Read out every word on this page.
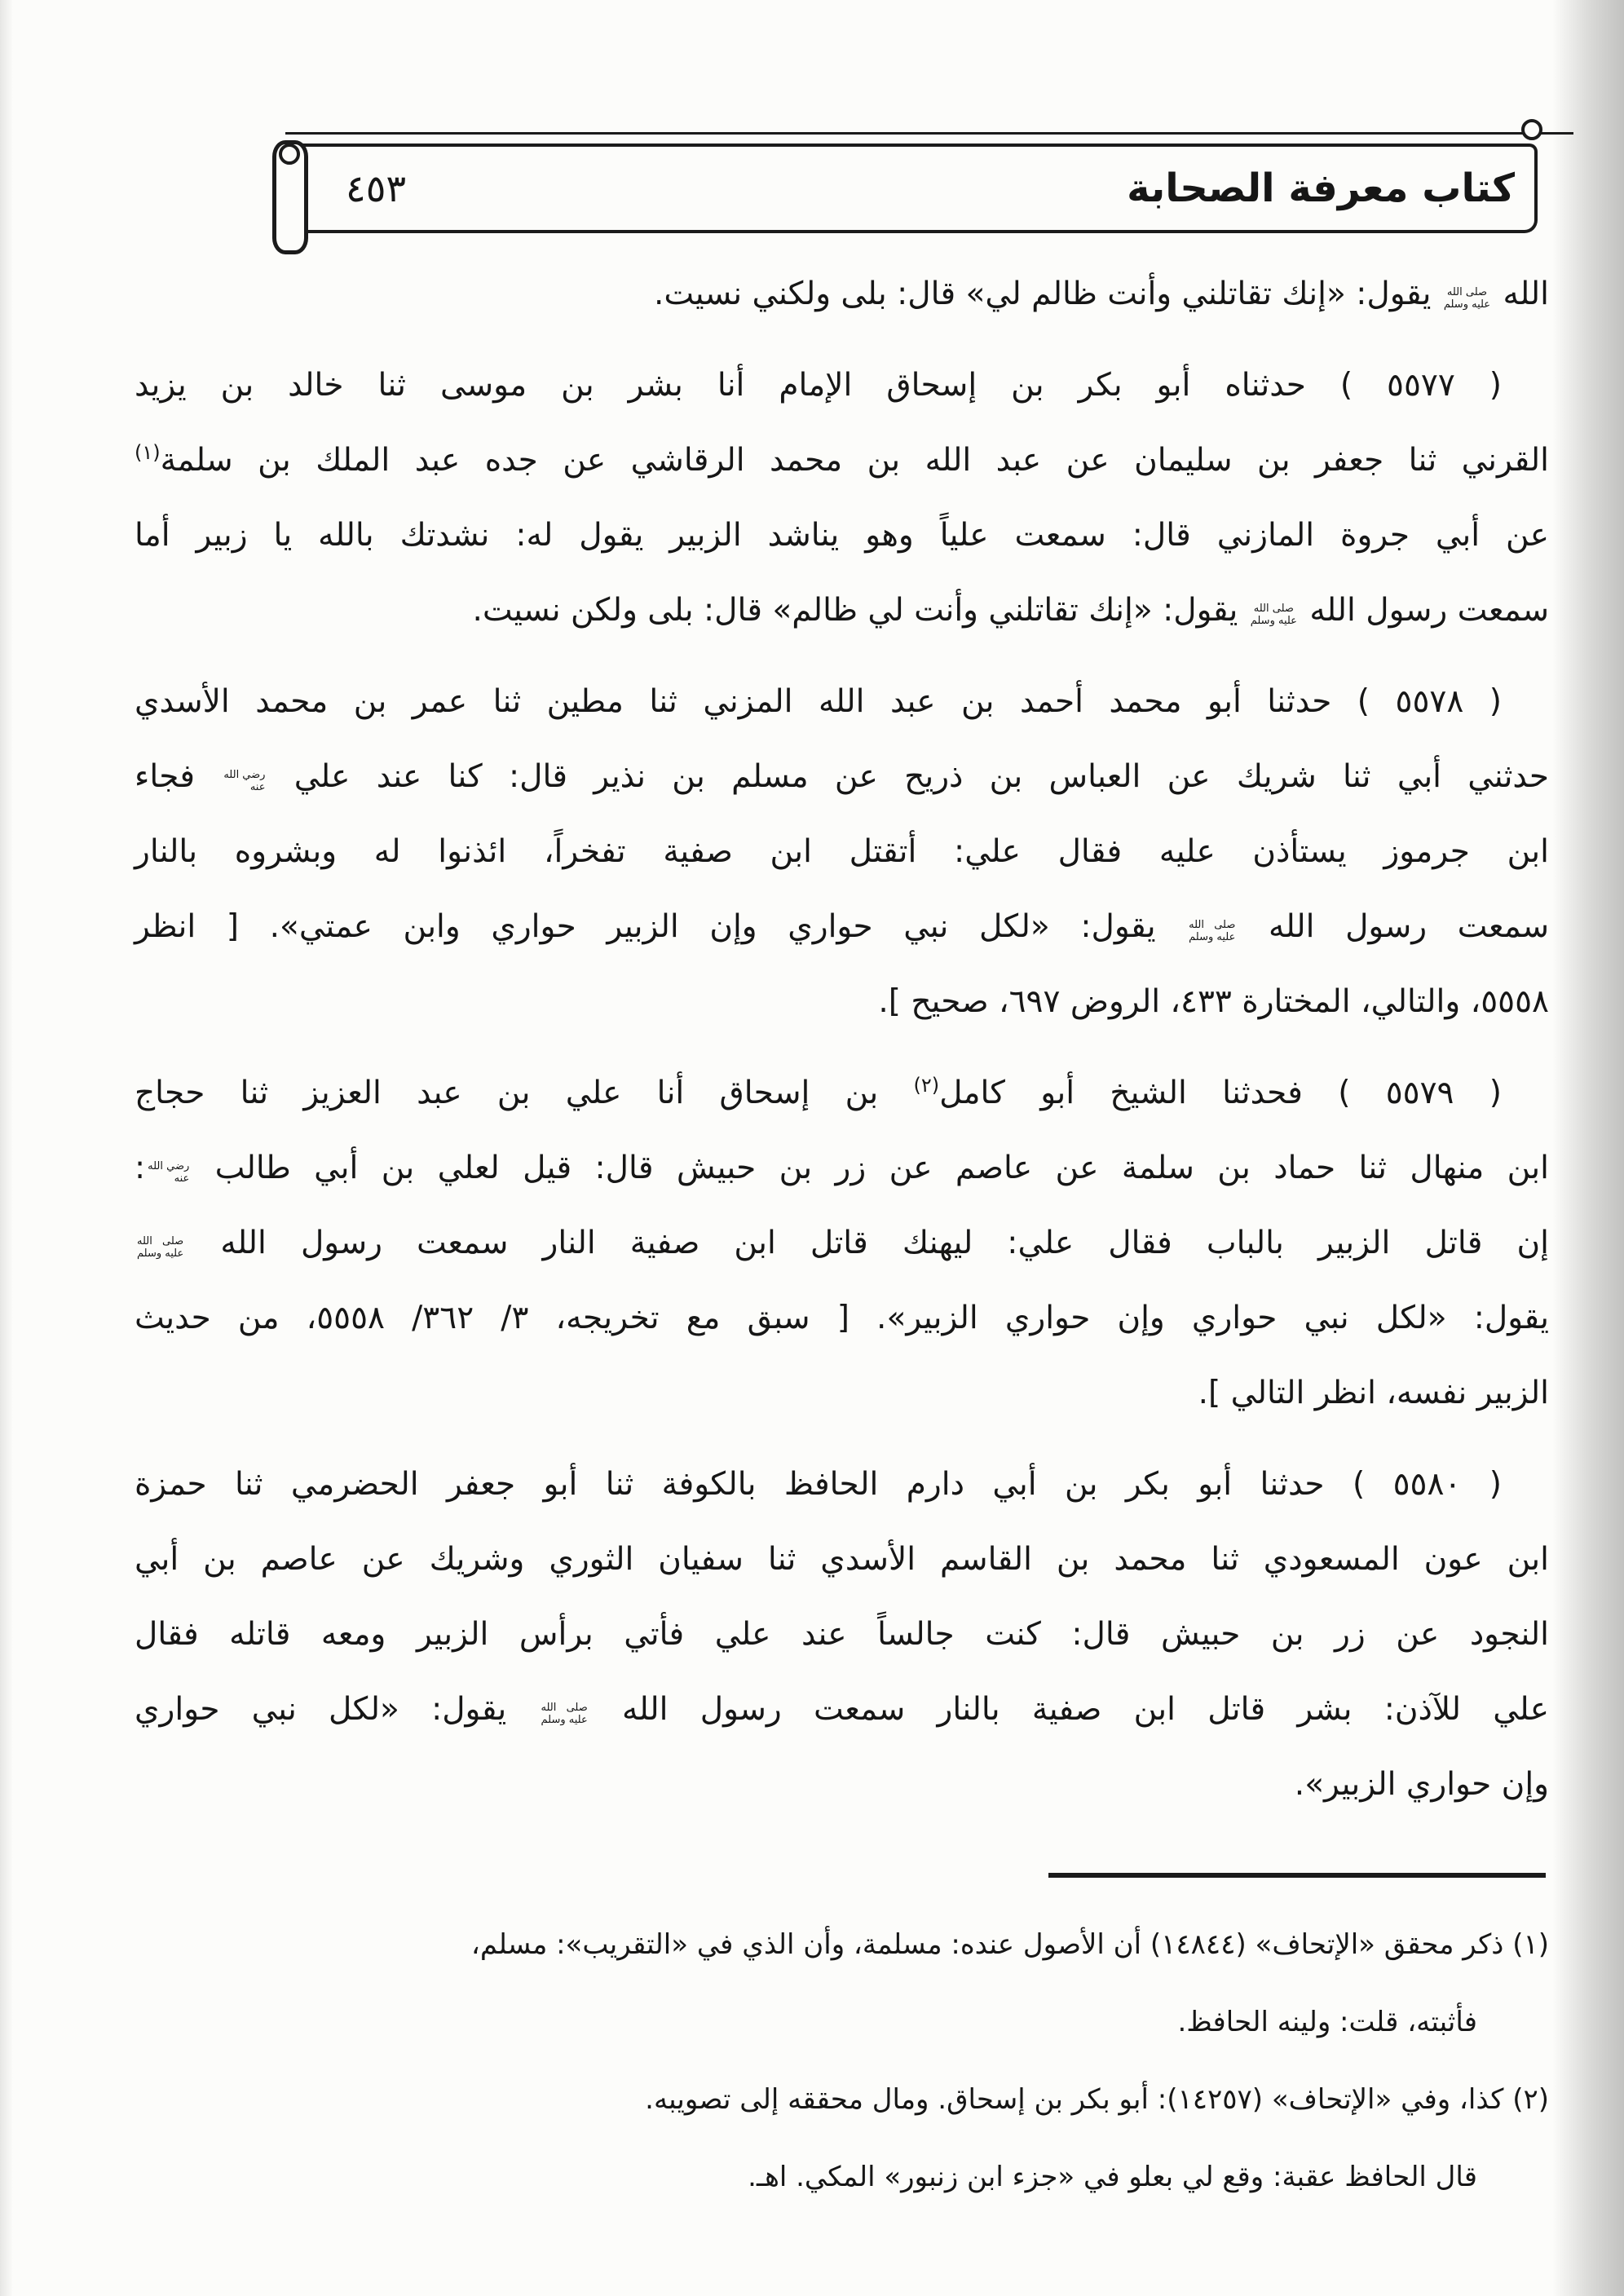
كتاب معرفة الصحابة
٤٥٣
الله صلى الله
عليه وسلم يقول: «إنك تقاتلني وأنت ظالم لي» قال: بلى ولكني نسيت.
( ٥٥٧٧ ) حدثناه أبو بكر بن إسحاق الإمام أنا بشر بن موسى ثنا خالد بن يزيد
القرني ثنا جعفر بن سليمان عن عبد الله بن محمد الرقاشي عن جده عبد الملك بن سلمة$^{(١)}$
عن أبي جروة المازني قال: سمعت علياً وهو يناشد الزبير يقول له: نشدتك بالله يا زبير أما
سمعت رسول الله صلى الله
عليه وسلم يقول: «إنك تقاتلني وأنت لي ظالم» قال: بلى ولكن نسيت.
( ٥٥٧٨ ) حدثنا أبو محمد أحمد بن عبد الله المزني ثنا مطين ثنا عمر بن محمد الأسدي
حدثني أبي ثنا شريك عن العباس بن ذريح عن مسلم بن نذير قال: كنا عند علي رضي الله
عنه فجاء
ابن جرموز يستأذن عليه فقال علي: أتقتل ابن صفية تفخراً، ائذنوا له وبشروه بالنار
سمعت رسول الله صلى الله
عليه وسلم يقول: «لكل نبي حواري وإن الزبير حواري وابن عمتي». [ انظر
٥٥٥٨، والتالي، المختارة ٤٣٣، الروض ٦٩٧، صحيح ].
( ٥٥٧٩ ) فحدثنا الشيخ أبو كامل$^{(٢)}$ بن إسحاق أنا علي بن عبد العزيز ثنا حجاج
ابن منهال ثنا حماد بن سلمة عن عاصم عن زر بن حبيش قال: قيل لعلي بن أبي طالب رضي الله
عنه:
إن قاتل الزبير بالباب فقال علي: ليهنك قاتل ابن صفية النار سمعت رسول الله صلى الله
عليه وسلم
يقول: «لكل نبي حواري وإن حواري الزبير». [ سبق مع تخريجه، ٣/ ٣٦٢/ ٥٥٥٨، من حديث
الزبير نفسه، انظر التالي ].
( ٥٥٨٠ ) حدثنا أبو بكر بن أبي دارم الحافظ بالكوفة ثنا أبو جعفر الحضرمي ثنا حمزة
ابن عون المسعودي ثنا محمد بن القاسم الأسدي ثنا سفيان الثوري وشريك عن عاصم بن أبي
النجود عن زر بن حبيش قال: كنت جالساً عند علي فأتي برأس الزبير ومعه قاتله فقال
علي للآذن: بشر قاتل ابن صفية بالنار سمعت رسول الله صلى الله
عليه وسلم يقول: «لكل نبي حواري
وإن حواري الزبير».
(١) ذكر محقق «الإتحاف» (١٤٨٤٤) أن الأصول عنده: مسلمة، وأن الذي في «التقريب»: مسلم،
فأثبته، قلت: ولينه الحافظ.
(٢) كذا، وفي «الإتحاف» (١٤٢٥٧): أبو بكر بن إسحاق. ومال محققه إلى تصويبه.
قال الحافظ عقبة: وقع لي بعلو في «جزء ابن زنبور» المكي. اهـ.
